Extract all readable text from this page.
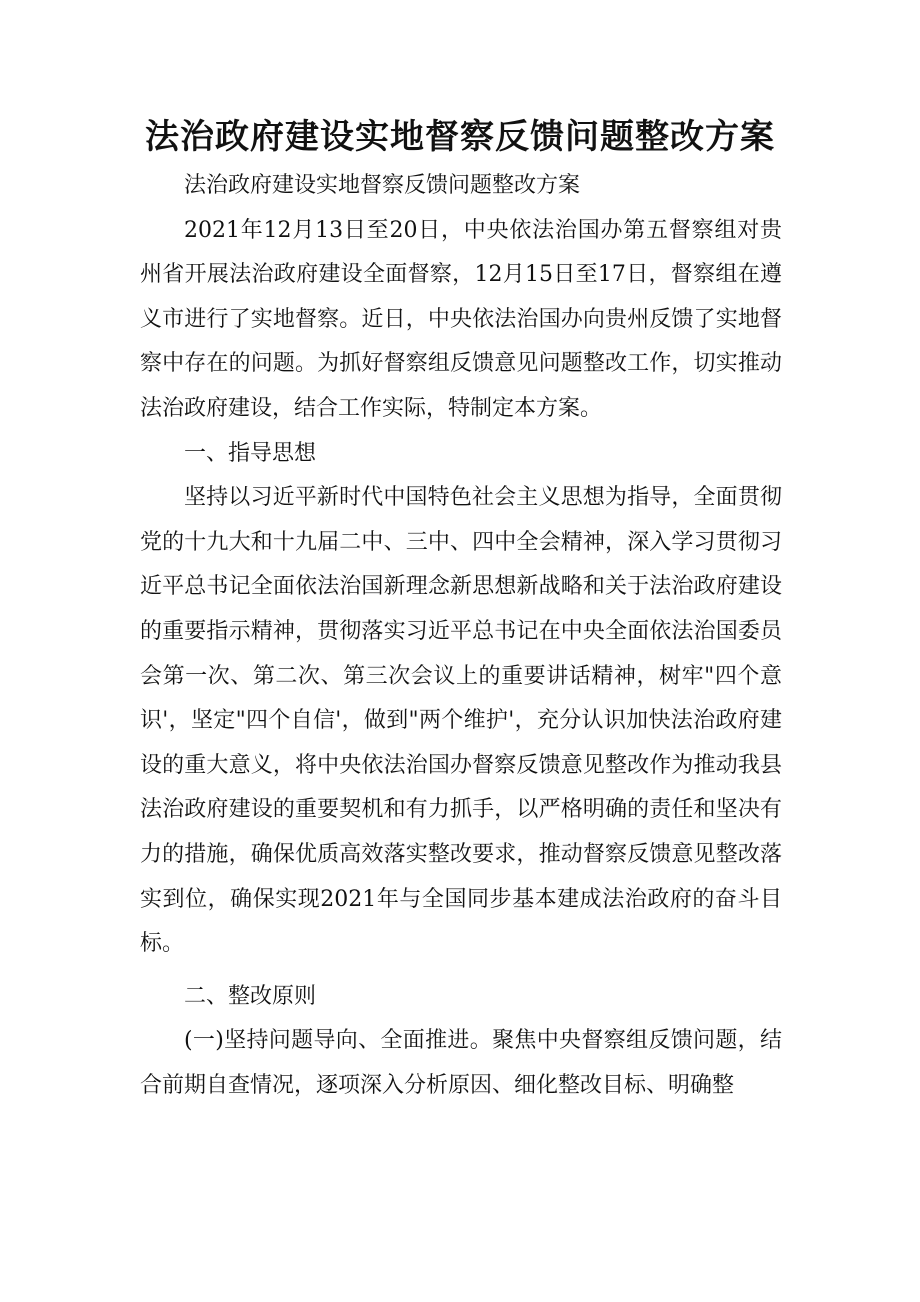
法治政府建设实地督察反馈问题整改方案

法治政府建设实地督察反馈问题整改方案

2021年12月13日至20日，中央依法治国办第五督察组对贵州省开展法治政府建设全面督察，12月15日至17日，督察组在遵义市进行了实地督察。近日，中央依法治国办向贵州反馈了实地督察中存在的问题。为抓好督察组反馈意见问题整改工作，切实推动法治政府建设，结合工作实际，特制定本方案。

一、指导思想

坚持以习近平新时代中国特色社会主义思想为指导，全面贯彻党的十九大和十九届二中、三中、四中全会精神，深入学习贯彻习近平总书记全面依法治国新理念新思想新战略和关于法治政府建设的重要指示精神，贯彻落实习近平总书记在中央全面依法治国委员会第一次、第二次、第三次会议上的重要讲话精神，树牢"四个意识'，坚定"四个自信'，做到"两个维护'，充分认识加快法治政府建设的重大意义，将中央依法治国办督察反馈意见整改作为推动我县法治政府建设的重要契机和有力抓手，以严格明确的责任和坚决有力的措施，确保优质高效落实整改要求，推动督察反馈意见整改落实到位，确保实现2021年与全国同步基本建成法治政府的奋斗目标。

二、整改原则

(一)坚持问题导向、全面推进。聚焦中央督察组反馈问题，结合前期自查情况，逐项深入分析原因、细化整改目标、明确整
